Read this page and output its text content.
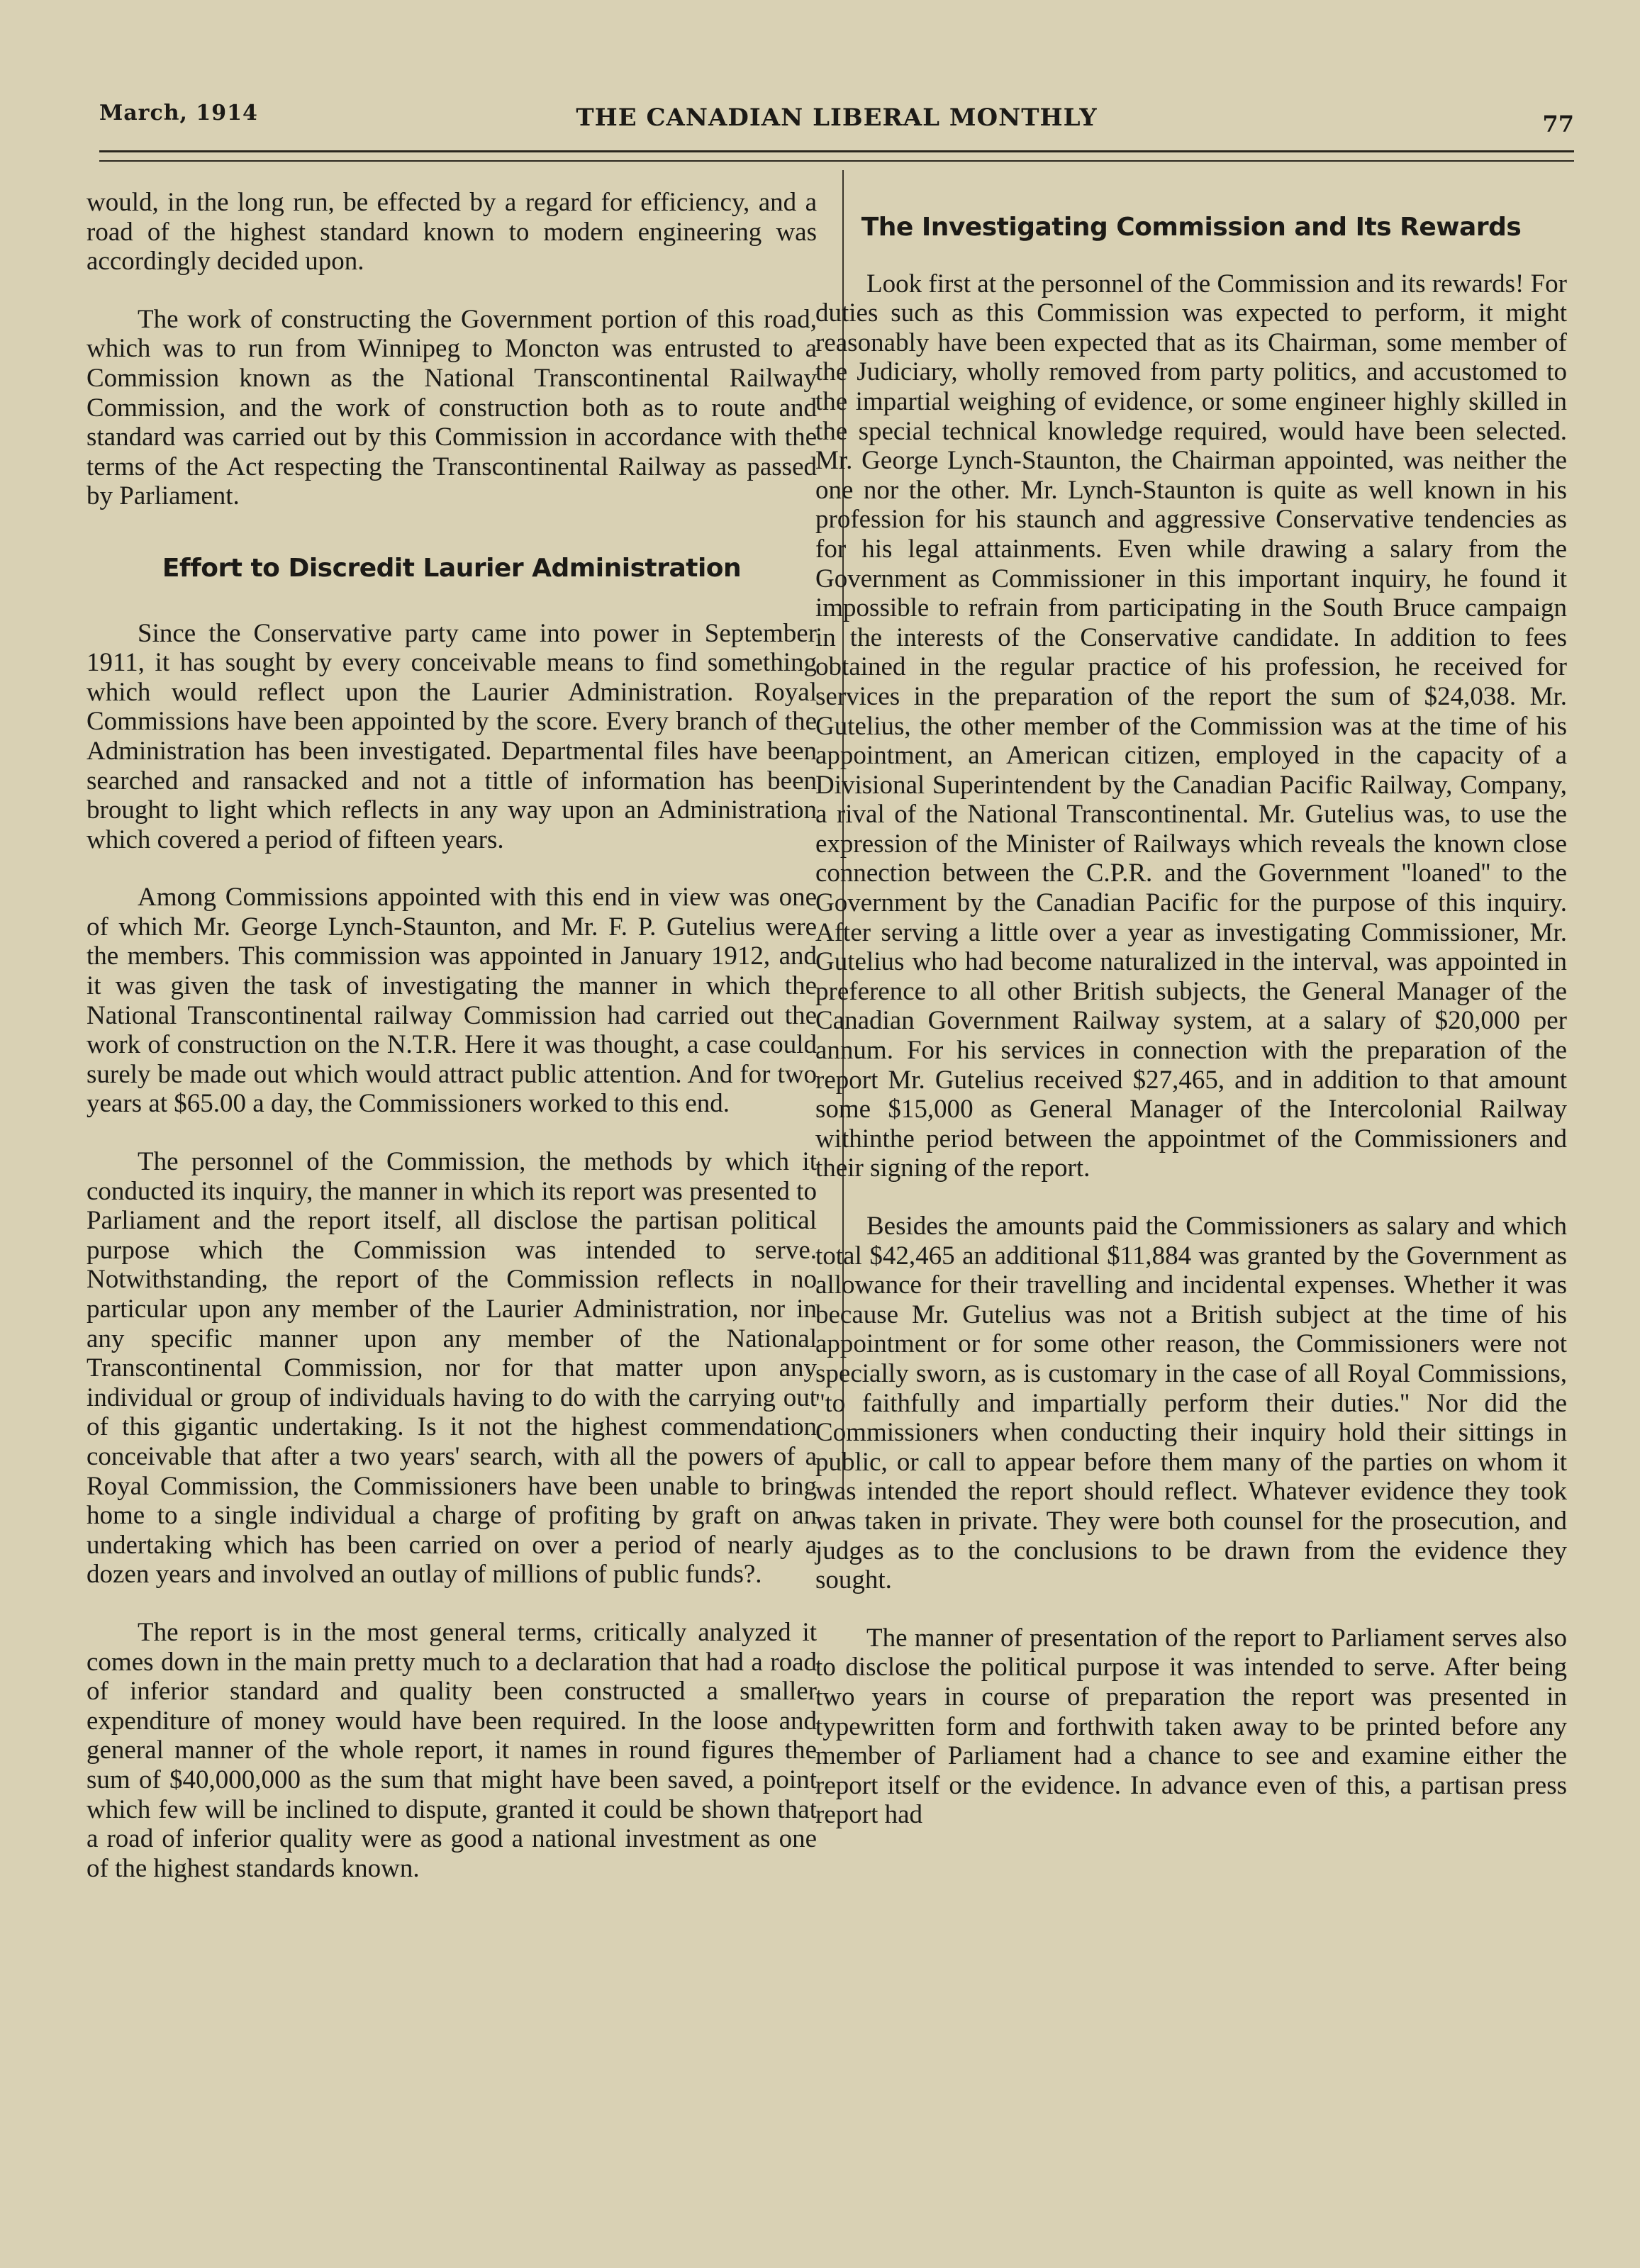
March, 1914	THE CANADIAN LIBERAL MONTHLY	77

would, in the long run, be effected by a regard for efficiency, and a road of the highest standard known to modern engineering was accordingly decided upon.

The work of constructing the Government portion of this road, which was to run from Winnipeg to Moncton was entrusted to a Commission known as the National Transcontinental Railway Commission, and the work of construction both as to route and standard was carried out by this Commission in accordance with the terms of the Act respecting the Transcontinental Railway as passed by Parliament.

Effort to Discredit Laurier Administration

Since the Conservative party came into power in September 1911, it has sought by every conceivable means to find something which would reflect upon the Laurier Administration. Royal Commissions have been appointed by the score. Every branch of the Administration has been investigated. Departmental files have been searched and ransacked and not a tittle of information has been brought to light which reflects in any way upon an Administration which covered a period of fifteen years.

Among Commissions appointed with this end in view was one of which Mr. George Lynch-Staunton, and Mr. F. P. Gutelius were the members. This commission was appointed in January 1912, and it was given the task of investigating the manner in which the National Transcontinental railway Commission had carried out the work of construction on the N.T.R. Here it was thought, a case could surely be made out which would attract public attention. And for two years at $65.00 a day, the Commissioners worked to this end.

The personnel of the Commission, the methods by which it conducted its inquiry, the manner in which its report was presented to Parliament and the report itself, all disclose the partisan political purpose which the Commission was intended to serve. Notwithstanding, the report of the Commission reflects in no particular upon any member of the Laurier Administration, nor in any specific manner upon any member of the National Transcontinental Commission, nor for that matter upon any individual or group of individuals having to do with the carrying out of this gigantic undertaking. Is it not the highest commendation conceivable that after a two years' search, with all the powers of a Royal Commission, the Commissioners have been unable to bring home to a single individual a charge of profiting by graft on an undertaking which has been carried on over a period of nearly a dozen years and involved an outlay of millions of public funds?.

The report is in the most general terms, critically analyzed it comes down in the main pretty much to a declaration that had a road of inferior standard and quality been constructed a smaller expenditure of money would have been required. In the loose and general manner of the whole report, it names in round figures the sum of $40,000,000 as the sum that might have been saved, a point which few will be inclined to dispute, granted it could be shown that a road of inferior quality were as good a national investment as one of the highest standards known.

The Investigating Commission and Its Rewards

Look first at the personnel of the Commission and its rewards! For duties such as this Commission was expected to perform, it might reasonably have been expected that as its Chairman, some member of the Judiciary, wholly removed from party politics, and accustomed to the impartial weighing of evidence, or some engineer highly skilled in the special technical knowledge required, would have been selected. Mr. George Lynch-Staunton, the Chairman appointed, was neither the one nor the other. Mr. Lynch-Staunton is quite as well known in his profession for his staunch and aggressive Conservative tendencies as for his legal attainments. Even while drawing a salary from the Government as Commissioner in this important inquiry, he found it impossible to refrain from participating in the South Bruce campaign in the interests of the Conservative candidate. In addition to fees obtained in the regular practice of his profession, he received for services in the preparation of the report the sum of $24,038. Mr. Gutelius, the other member of the Commission was at the time of his appointment, an American citizen, employed in the capacity of a Divisional Superintendent by the Canadian Pacific Railway, Company, a rival of the National Transcontinental. Mr. Gutelius was, to use the expression of the Minister of Railways which reveals the known close connection between the C.P.R. and the Government ''loaned'' to the Government by the Canadian Pacific for the purpose of this inquiry. After serving a little over a year as investigating Commissioner, Mr. Gutelius who had become naturalized in the interval, was appointed in preference to all other British subjects, the General Manager of the Canadian Government Railway system, at a salary of $20,000 per annum. For his services in connection with the preparation of the report Mr. Gutelius received $27,465, and in addition to that amount some $15,000 as General Manager of the Intercolonial Railway withinthe period between the appointmet of the Commissioners and their signing of the report.

Besides the amounts paid the Commissioners as salary and which total $42,465 an additional $11,884 was granted by the Government as allowance for their travelling and incidental expenses. Whether it was because Mr. Gutelius was not a British subject at the time of his appointment or for some other reason, the Commissioners were not specially sworn, as is customary in the case of all Royal Commissions, ''to faithfully and impartially perform their duties.'' Nor did the Commissioners when conducting their inquiry hold their sittings in public, or call to appear before them many of the parties on whom it was intended the report should reflect. Whatever evidence they took was taken in private. They were both counsel for the prosecution, and judges as to the conclusions to be drawn from the evidence they sought.

The manner of presentation of the report to Parliament serves also to disclose the political purpose it was intended to serve. After being two years in course of preparation the report was presented in typewritten form and forthwith taken away to be printed before any member of Parliament had a chance to see and examine either the report itself or the evidence. In advance even of this, a partisan press report had
